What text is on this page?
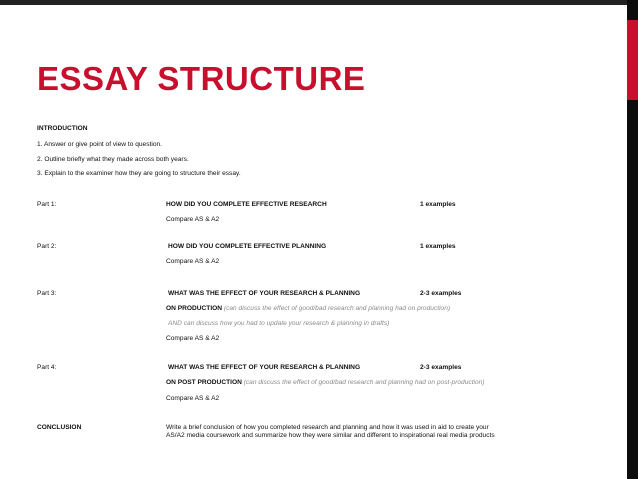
ESSAY STRUCTURE
INTRODUCTION
1. Answer or give point of view to question.
2. Outline briefly what they made across both years.
3. Explain to the examiner how they are going to structure their essay.
Part 1:	HOW DID YOU COMPLETE EFFECTIVE RESEARCH	1 examples
Compare AS & A2
Part 2:	HOW DID YOU COMPLETE EFFECTIVE PLANNING	1 examples
Compare AS & A2
Part 3:	WHAT WAS THE EFFECT OF YOUR RESEARCH & PLANNING	2-3 examples
ON PRODUCTION (can discuss the effect of good/bad research and planning had on production)
AND can discuss how you had to update your research & planning in drafts)
Compare AS & A2
Part 4:	WHAT WAS THE EFFECT OF YOUR RESEARCH & PLANNING	2-3 examples
ON POST PRODUCTION (can discuss the effect of good/bad research and planning had on post-production)
Compare AS & A2
CONCLUSION	Write a brief conclusion of how you completed research and planning and how it was used in aid to create your AS/A2 media coursework and summarize how they were similar and different to inspirational real media products
